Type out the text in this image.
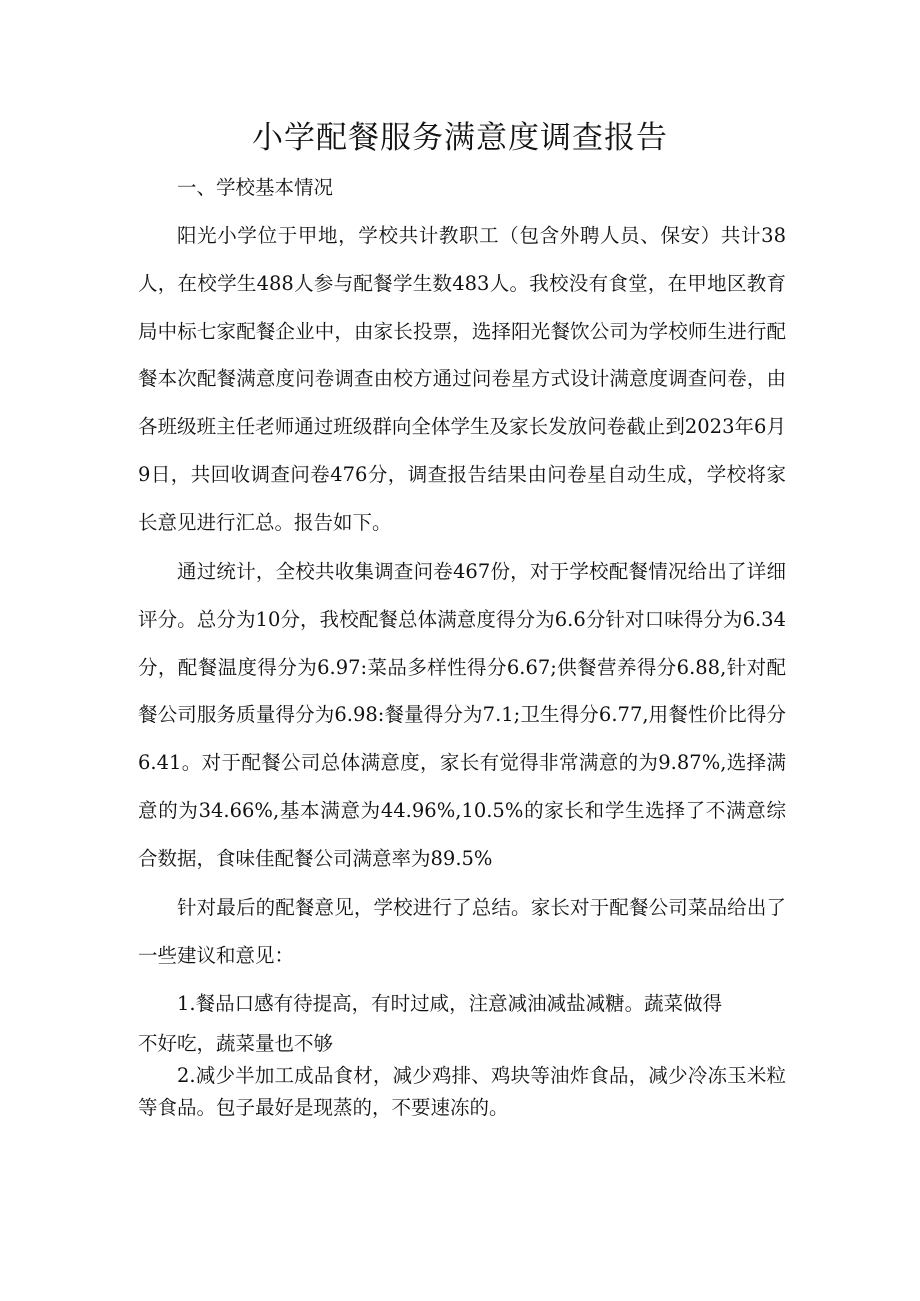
小学配餐服务满意度调查报告

一、学校基本情况

阳光小学位于甲地，学校共计教职工（包含外聘人员、保安）共计38人，在校学生488人参与配餐学生数483人。我校没有食堂，在甲地区教育局中标七家配餐企业中，由家长投票，选择阳光餐饮公司为学校师生进行配餐本次配餐满意度问卷调查由校方通过问卷星方式设计满意度调查问卷，由各班级班主任老师通过班级群向全体学生及家长发放问卷截止到2023年6月9日，共回收调查问卷476分，调查报告结果由问卷星自动生成，学校将家长意见进行汇总。报告如下。

通过统计，全校共收集调查问卷467份，对于学校配餐情况给出了详细评分。总分为10分，我校配餐总体满意度得分为6.6分针对口味得分为6.34分，配餐温度得分为6.97:菜品多样性得分6.67;供餐营养得分6.88,针对配餐公司服务质量得分为6.98:餐量得分为7.1;卫生得分6.77,用餐性价比得分6.41。对于配餐公司总体满意度，家长有觉得非常满意的为9.87%,选择满意的为34.66%,基本满意为44.96%,10.5%的家长和学生选择了不满意综合数据，食味佳配餐公司满意率为89.5%

针对最后的配餐意见，学校进行了总结。家长对于配餐公司菜品给出了一些建议和意见：

1.餐品口感有待提高，有时过咸，注意减油减盐减糖。蔬菜做得

不好吃，蔬菜量也不够

2.减少半加工成品食材，减少鸡排、鸡块等油炸食品，减少冷冻玉米粒等食品。包子最好是现蒸的，不要速冻的。
